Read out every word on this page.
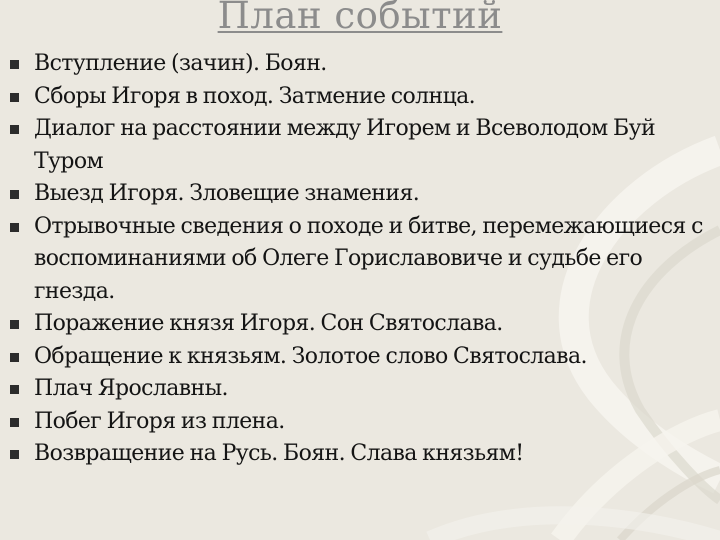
План событий
Вступление (зачин). Боян.
Сборы Игоря в поход. Затмение солнца.
Диалог на расстоянии между Игорем и Всеволодом Буй Туром
Выезд Игоря. Зловещие знамения.
Отрывочные сведения о походе и битве, перемежающиеся с воспоминаниями об Олеге Гориславовиче и судьбе его гнезда.
Поражение князя Игоря. Сон Святослава.
Обращение к князьям. Золотое слово Святослава.
Плач Ярославны.
Побег Игоря из плена.
Возвращение на Русь. Боян. Слава князьям!
